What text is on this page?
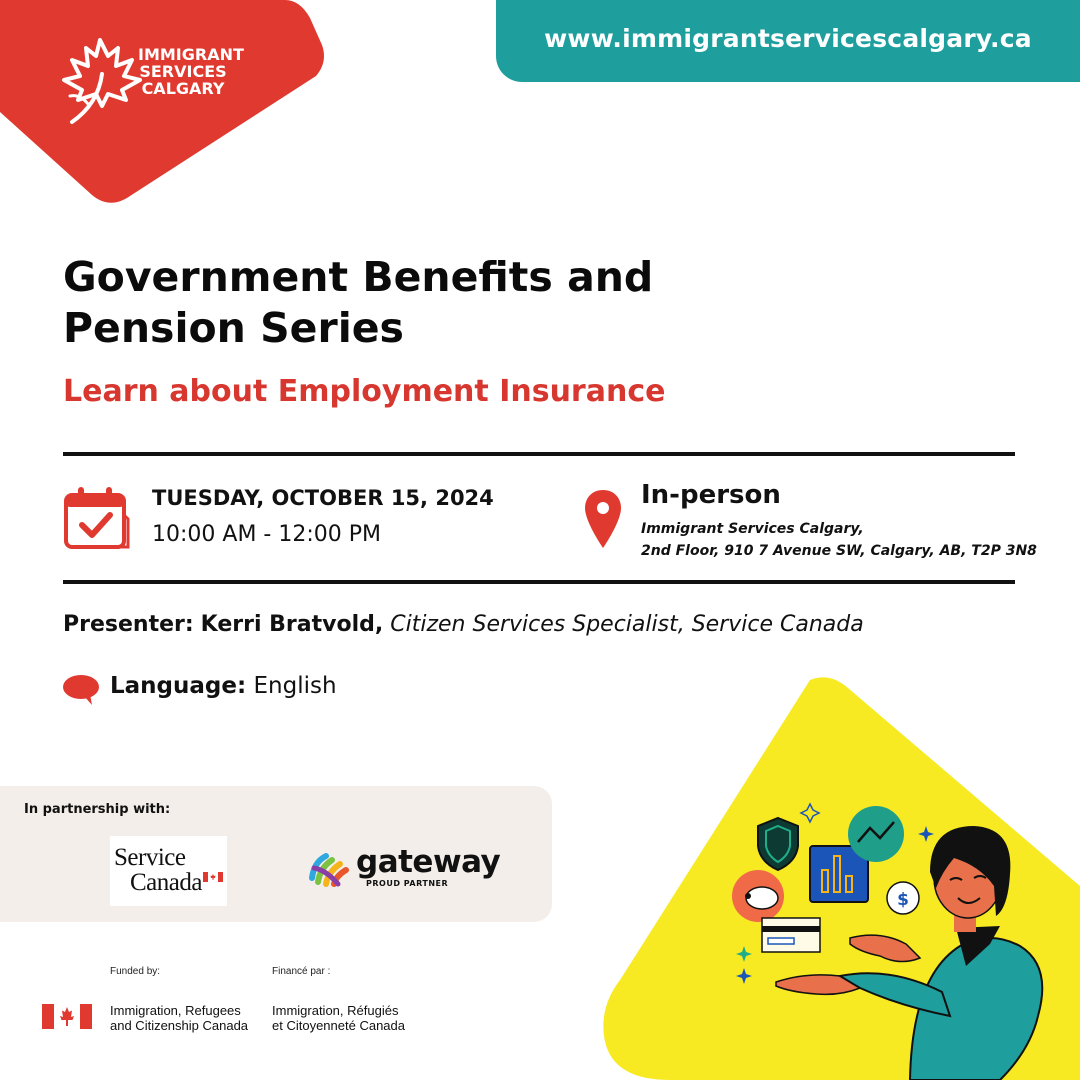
IMMIGRANT
SERVICES
CALGARY
www.immigrantservicescalgary.ca
Government Benefits and Pension Series
Learn about Employment Insurance
TUESDAY, OCTOBER 15, 2024
10:00 AM - 12:00 PM
In-person
Immigrant Services Calgary,
2nd Floor, 910 7 Avenue SW, Calgary, AB, T2P 3N8
Presenter: Kerri Bratvold, Citizen Services Specialist, Service Canada
Language: English
In partnership with:
Service
Canada
gateway
PROUD PARTNER
Funded by:	Financé par :
Immigration, Refugees
and Citizenship Canada
Immigration, Réfugiés
et Citoyenneté Canada
$
